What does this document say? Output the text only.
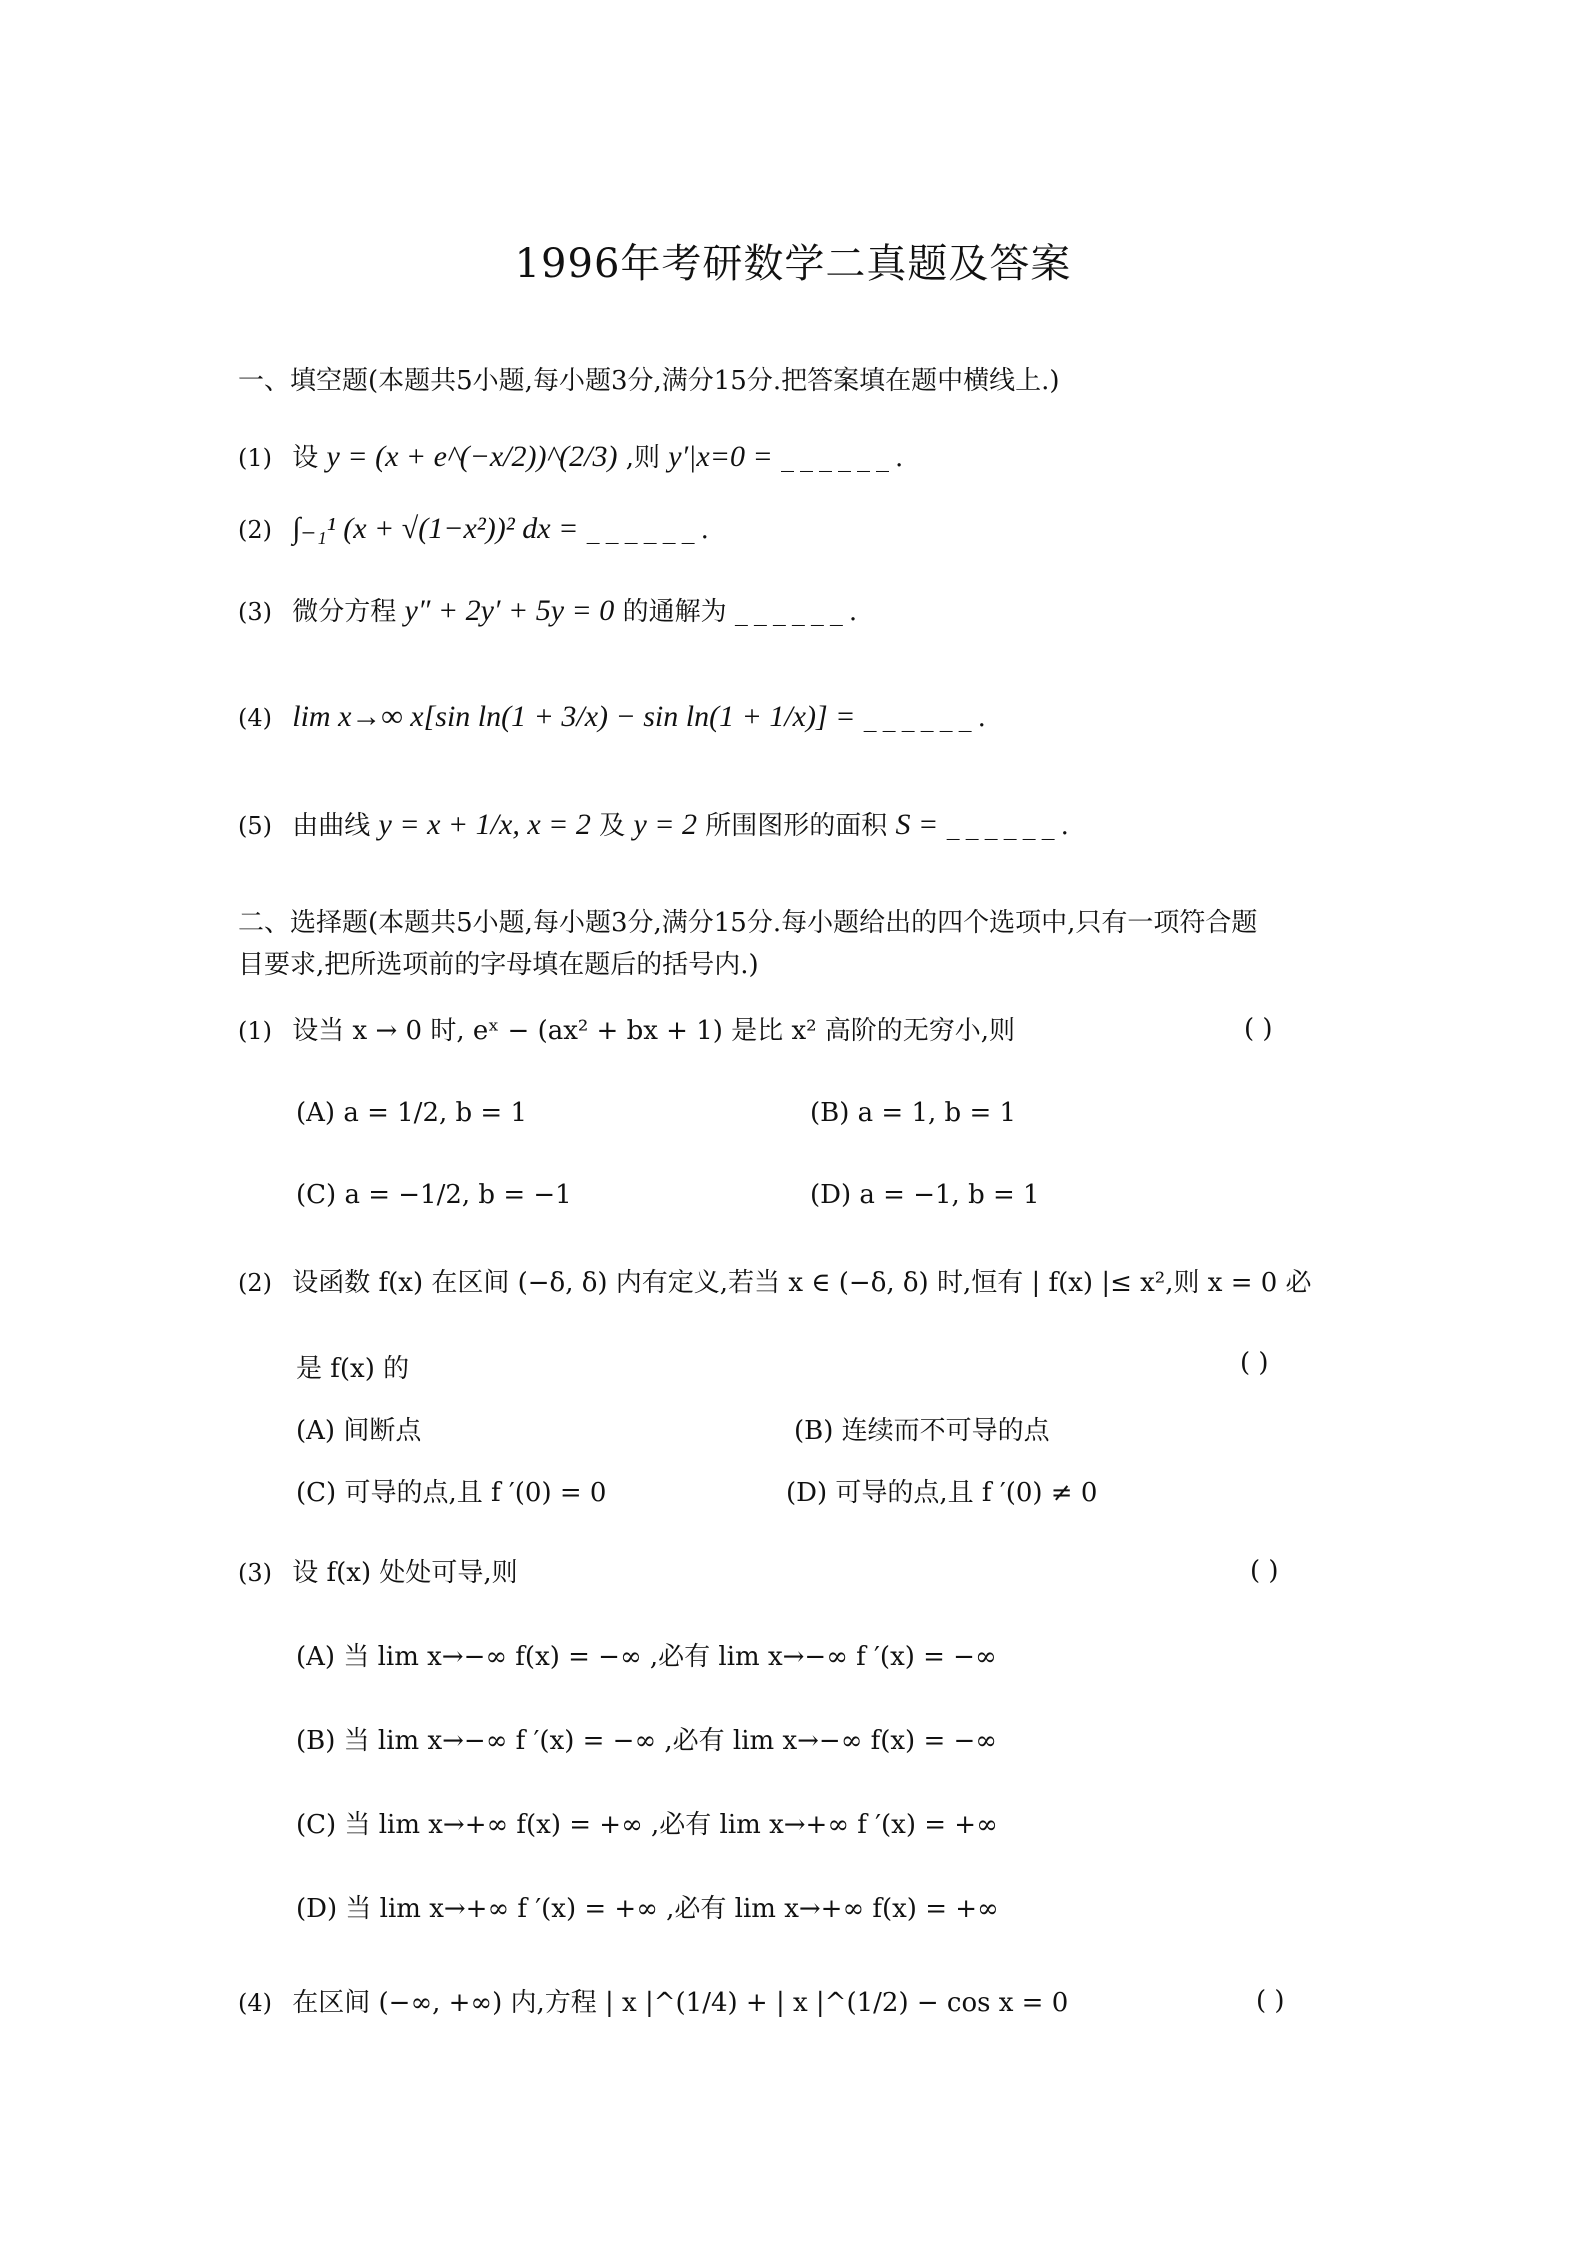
1996年考研数学二真题及答案
一、填空题(本题共5小题,每小题3分,满分15分.把答案填在题中横线上.)
(1) 设 y = (x + e^(−x/2))^(2/3) ,则 y′|x=0 = ______.
(2) ∫₋₁¹ (x + √(1−x²))² dx = ______.
(3) 微分方程 y″ + 2y′ + 5y = 0 的通解为 ______.
(4) lim x→∞ x[sin ln(1 + 3/x) − sin ln(1 + 1/x)] = ______.
(5) 由曲线 y = x + 1/x, x = 2 及 y = 2 所围图形的面积 S = ______.
二、选择题(本题共5小题,每小题3分,满分15分.每小题给出的四个选项中,只有一项符合题
目要求,把所选项前的字母填在题后的括号内.)
(1) 设当 x → 0 时, eˣ − (ax² + bx + 1) 是比 x² 高阶的无穷小,则	( )
(A) a = 1/2, b = 1	(B) a = 1, b = 1
(C) a = −1/2, b = −1	(D) a = −1, b = 1
(2) 设函数 f(x) 在区间 (−δ, δ) 内有定义,若当 x ∈ (−δ, δ) 时,恒有 | f(x) |≤ x²,则 x = 0 必
是 f(x) 的	( )
(A) 间断点	(B) 连续而不可导的点
(C) 可导的点,且 f ′(0) = 0	(D) 可导的点,且 f ′(0) ≠ 0
(3) 设 f(x) 处处可导,则	( )
(A) 当 lim x→−∞ f(x) = −∞ ,必有 lim x→−∞ f ′(x) = −∞
(B) 当 lim x→−∞ f ′(x) = −∞ ,必有 lim x→−∞ f(x) = −∞
(C) 当 lim x→+∞ f(x) = +∞ ,必有 lim x→+∞ f ′(x) = +∞
(D) 当 lim x→+∞ f ′(x) = +∞ ,必有 lim x→+∞ f(x) = +∞
(4) 在区间 (−∞, +∞) 内,方程 | x |^(1/4) + | x |^(1/2) − cos x = 0	( )
